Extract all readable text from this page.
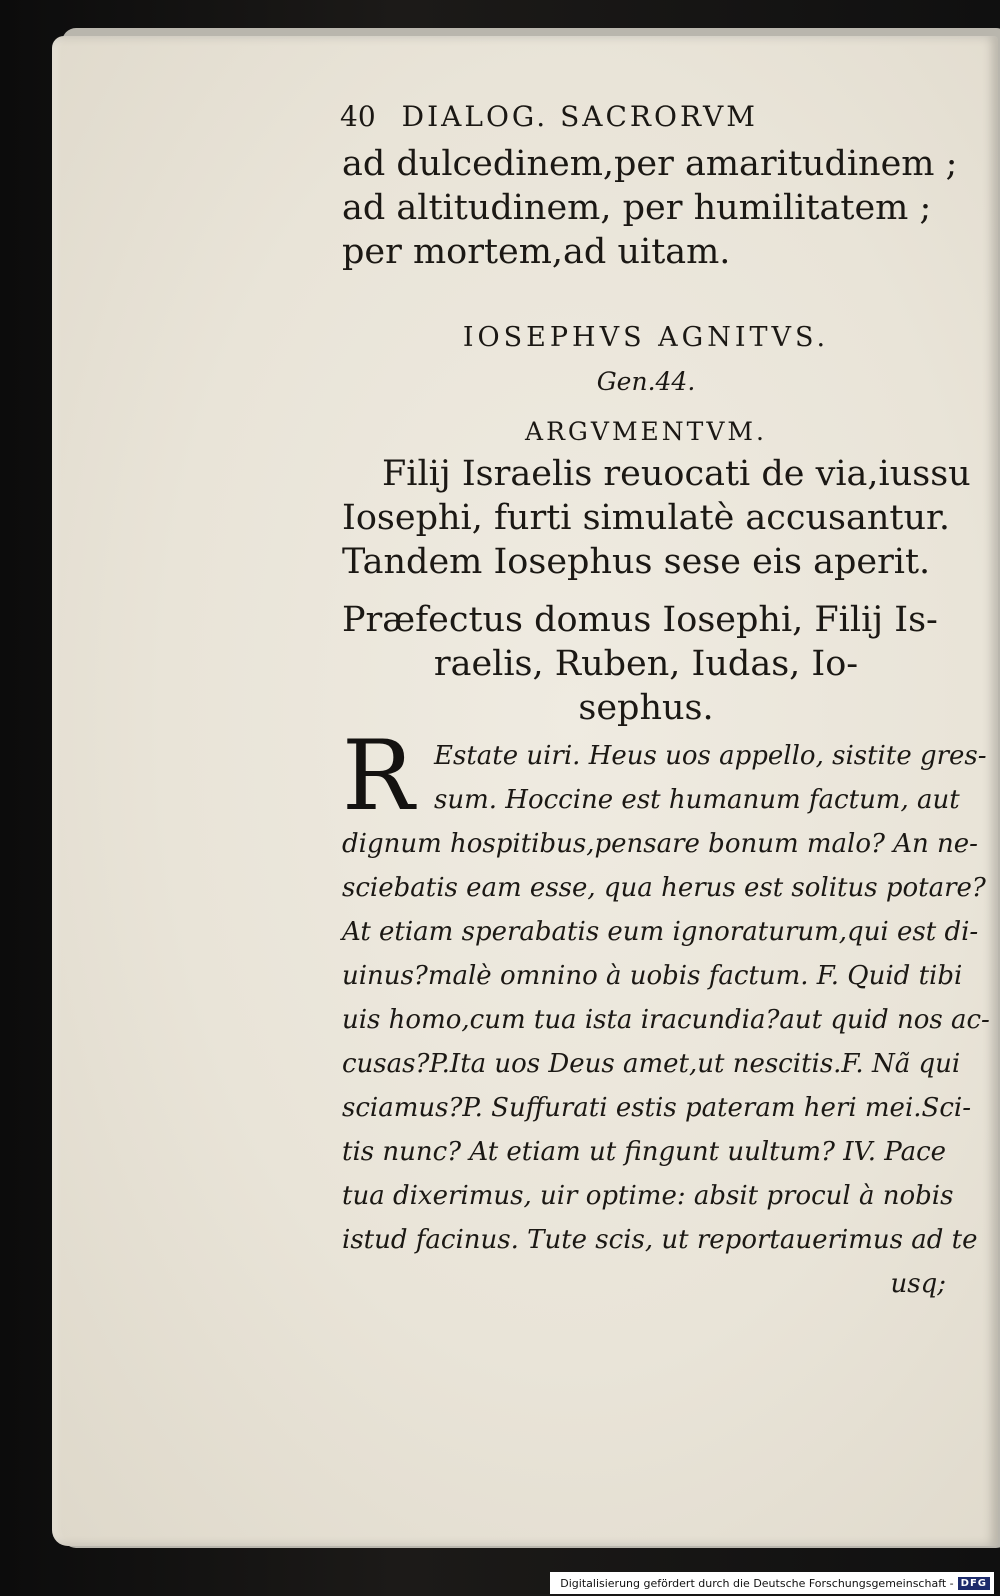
40 DIALOG. SACRORVM
ad dulcedinem,per amaritudinem ;
ad altitudinem, per humilitatem ;
per mortem,ad uitam.
IOSEPHVS AGNITVS.
Gen.44.
ARGVMENTVM.

Filij Israelis reuocati de via,iussu

Iosephi, furti simulatè accusantur.

Tandem Iosephus sese eis aperit.

Præfectus domus Iosephi, Filij Is-
raelis, Ruben, Iudas, Io-
sephus.
R Estate uiri. Heus uos appello, sistite gres-
sum. Hoccine est humanum factum, aut
dignum hospitibus,pensare bonum malo? An ne-
sciebatis eam esse, qua herus est solitus potare?
At etiam sperabatis eum ignoraturum,qui est di-
uinus?malè omnino à uobis factum. F. Quid tibi
uis homo,cum tua ista iracundia?aut quid nos ac-
cusas?P.Ita uos Deus amet,ut nescitis.F. Nã qui
sciamus?P. Suffurati estis pateram heri mei.Sci-
tis nunc? At etiam ut fingunt uultum? IV. Pace
tua dixerimus, uir optime: absit procul à nobis
istud facinus. Tute scis, ut reportauerimus ad te
usq;
Digitalisierung gefördert durch die Deutsche Forschungsgemeinschaft - DFG
